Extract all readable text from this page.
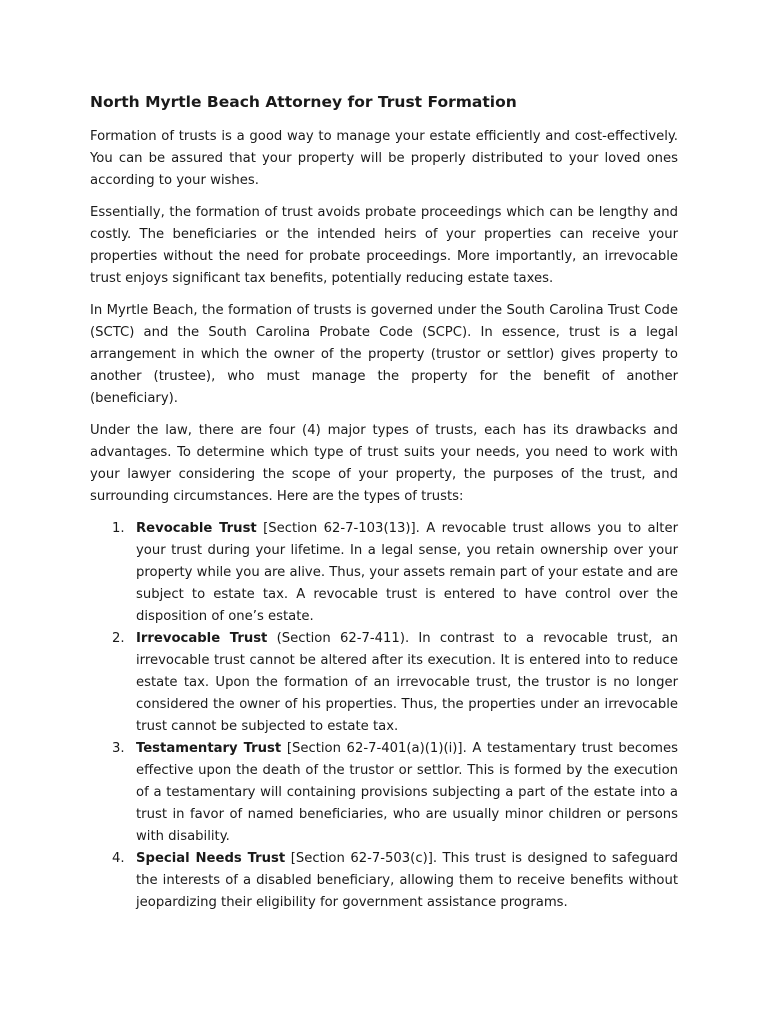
North Myrtle Beach Attorney for Trust Formation

Formation of trusts is a good way to manage your estate efficiently and cost-effectively. You can be assured that your property will be properly distributed to your loved ones according to your wishes.

Essentially, the formation of trust avoids probate proceedings which can be lengthy and costly. The beneficiaries or the intended heirs of your properties can receive your properties without the need for probate proceedings. More importantly, an irrevocable trust enjoys significant tax benefits, potentially reducing estate taxes.

In Myrtle Beach, the formation of trusts is governed under the South Carolina Trust Code (SCTC) and the South Carolina Probate Code (SCPC). In essence, trust is a legal arrangement in which the owner of the property (trustor or settlor) gives property to another (trustee), who must manage the property for the benefit of another (beneficiary).

Under the law, there are four (4) major types of trusts, each has its drawbacks and advantages. To determine which type of trust suits your needs, you need to work with your lawyer considering the scope of your property, the purposes of the trust, and surrounding circumstances. Here are the types of trusts:

1. Revocable Trust [Section 62-7-103(13)]. A revocable trust allows you to alter your trust during your lifetime. In a legal sense, you retain ownership over your property while you are alive. Thus, your assets remain part of your estate and are subject to estate tax. A revocable trust is entered to have control over the disposition of one’s estate.
2. Irrevocable Trust (Section 62-7-411). In contrast to a revocable trust, an irrevocable trust cannot be altered after its execution. It is entered into to reduce estate tax. Upon the formation of an irrevocable trust, the trustor is no longer considered the owner of his properties. Thus, the properties under an irrevocable trust cannot be subjected to estate tax.
3. Testamentary Trust [Section 62-7-401(a)(1)(i)]. A testamentary trust becomes effective upon the death of the trustor or settlor. This is formed by the execution of a testamentary will containing provisions subjecting a part of the estate into a trust in favor of named beneficiaries, who are usually minor children or persons with disability.
4. Special Needs Trust [Section 62-7-503(c)]. This trust is designed to safeguard the interests of a disabled beneficiary, allowing them to receive benefits without jeopardizing their eligibility for government assistance programs.
